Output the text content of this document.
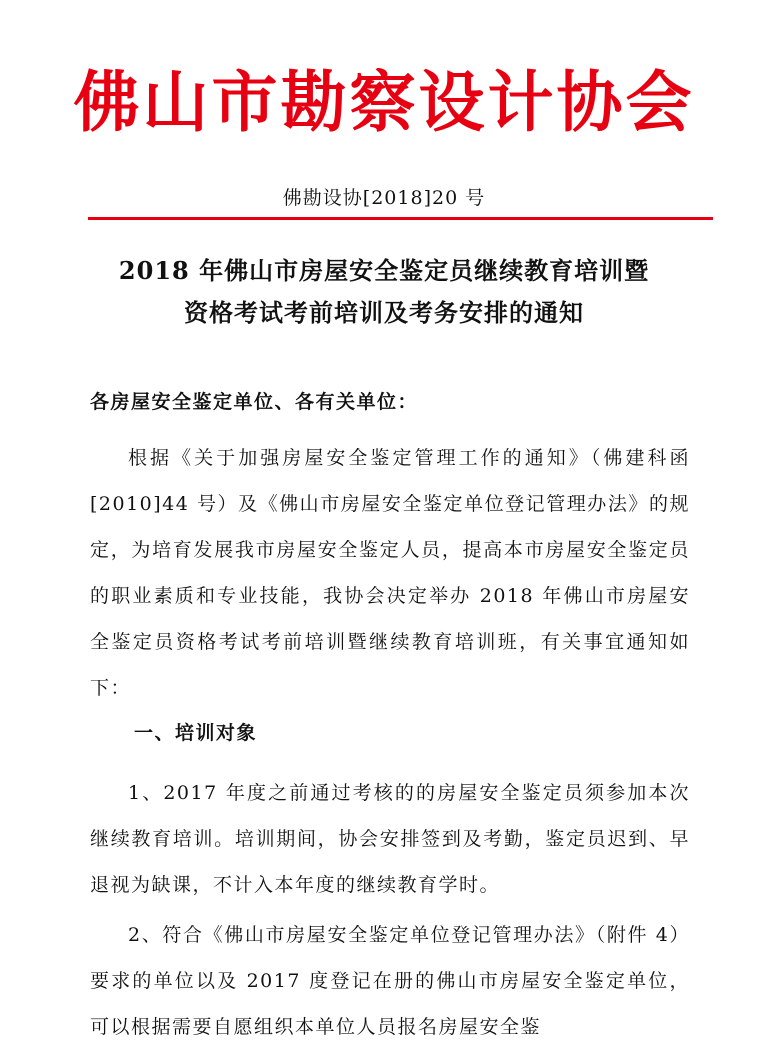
佛山市勘察设计协会
佛勘设协[2018]20 号
2018 年佛山市房屋安全鉴定员继续教育培训暨
资格考试考前培训及考务安排的通知
各房屋安全鉴定单位、各有关单位：

根据《关于加强房屋安全鉴定管理工作的通知》（佛建科函[2010]44 号）及《佛山市房屋安全鉴定单位登记管理办法》的规定，为培育发展我市房屋安全鉴定人员，提高本市房屋安全鉴定员的职业素质和专业技能，我协会决定举办 2018 年佛山市房屋安全鉴定员资格考试考前培训暨继续教育培训班，有关事宜通知如下：

一、培训对象

1、2017 年度之前通过考核的的房屋安全鉴定员须参加本次继续教育培训。培训期间，协会安排签到及考勤，鉴定员迟到、早退视为缺课，不计入本年度的继续教育学时。

2、符合《佛山市房屋安全鉴定单位登记管理办法》（附件 4）要求的单位以及 2017 度登记在册的佛山市房屋安全鉴定单位，可以根据需要自愿组织本单位人员报名房屋安全鉴
